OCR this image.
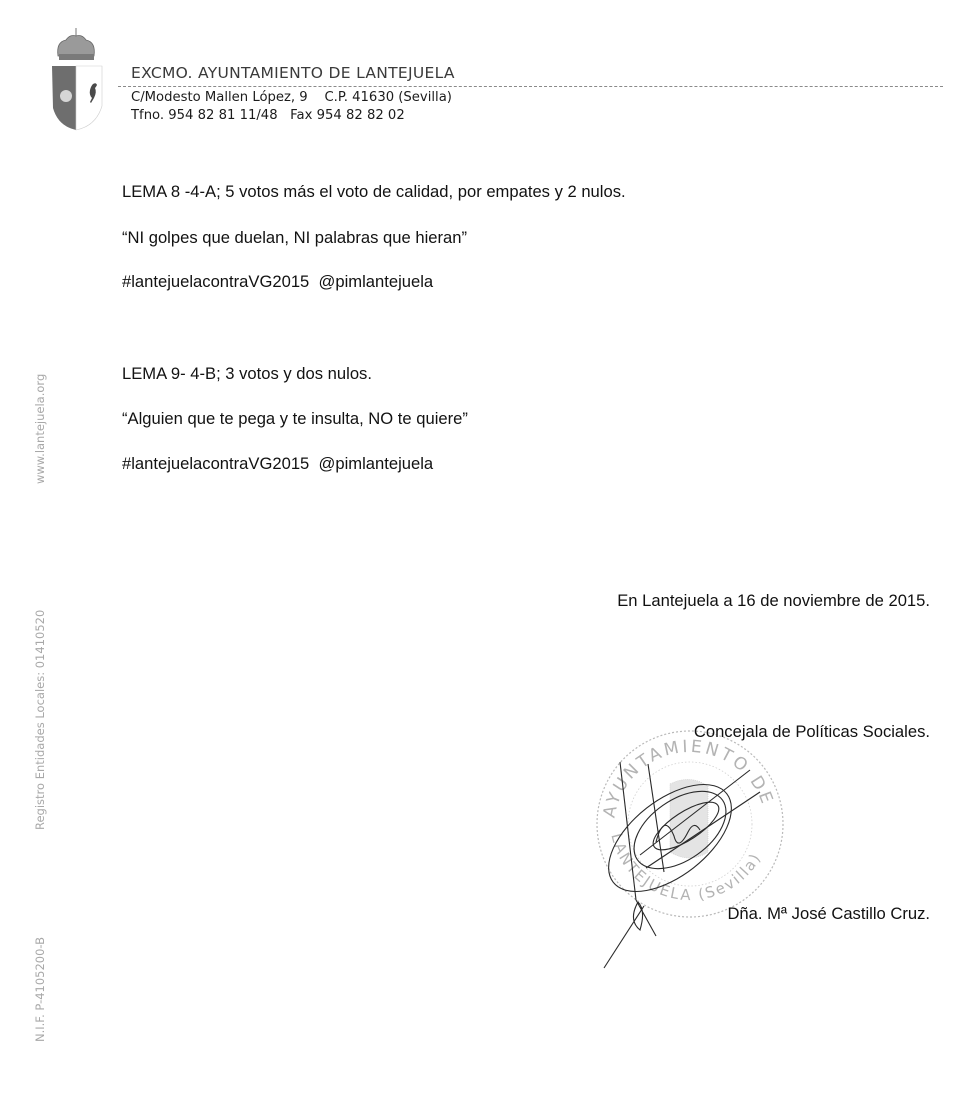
EXCMO. AYUNTAMIENTO DE LANTEJUELA
C/Modesto Mallen López, 9    C.P. 41630 (Sevilla)
Tfno. 954 82 81 11/48   Fax 954 82 82 02
www.lantejuela.org
Registro Entidades Locales: 01410520
N.I.F. P-4105200-B
LEMA 8 -4-A; 5 votos más el voto de calidad, por empates y 2 nulos.
“NI golpes que duelan, NI palabras que hieran”
#lantejuelacontraVG2015  @pimlantejuela
LEMA 9- 4-B; 3 votos y dos nulos.
“Alguien que te pega y te insulta, NO te quiere”
#lantejuelacontraVG2015  @pimlantejuela
En Lantejuela a 16 de noviembre de 2015.
Concejala de Políticas Sociales.
AYUNTAMIENTO DE
LANTEJUELA (Sevilla)
Dña. Mª José Castillo Cruz.
